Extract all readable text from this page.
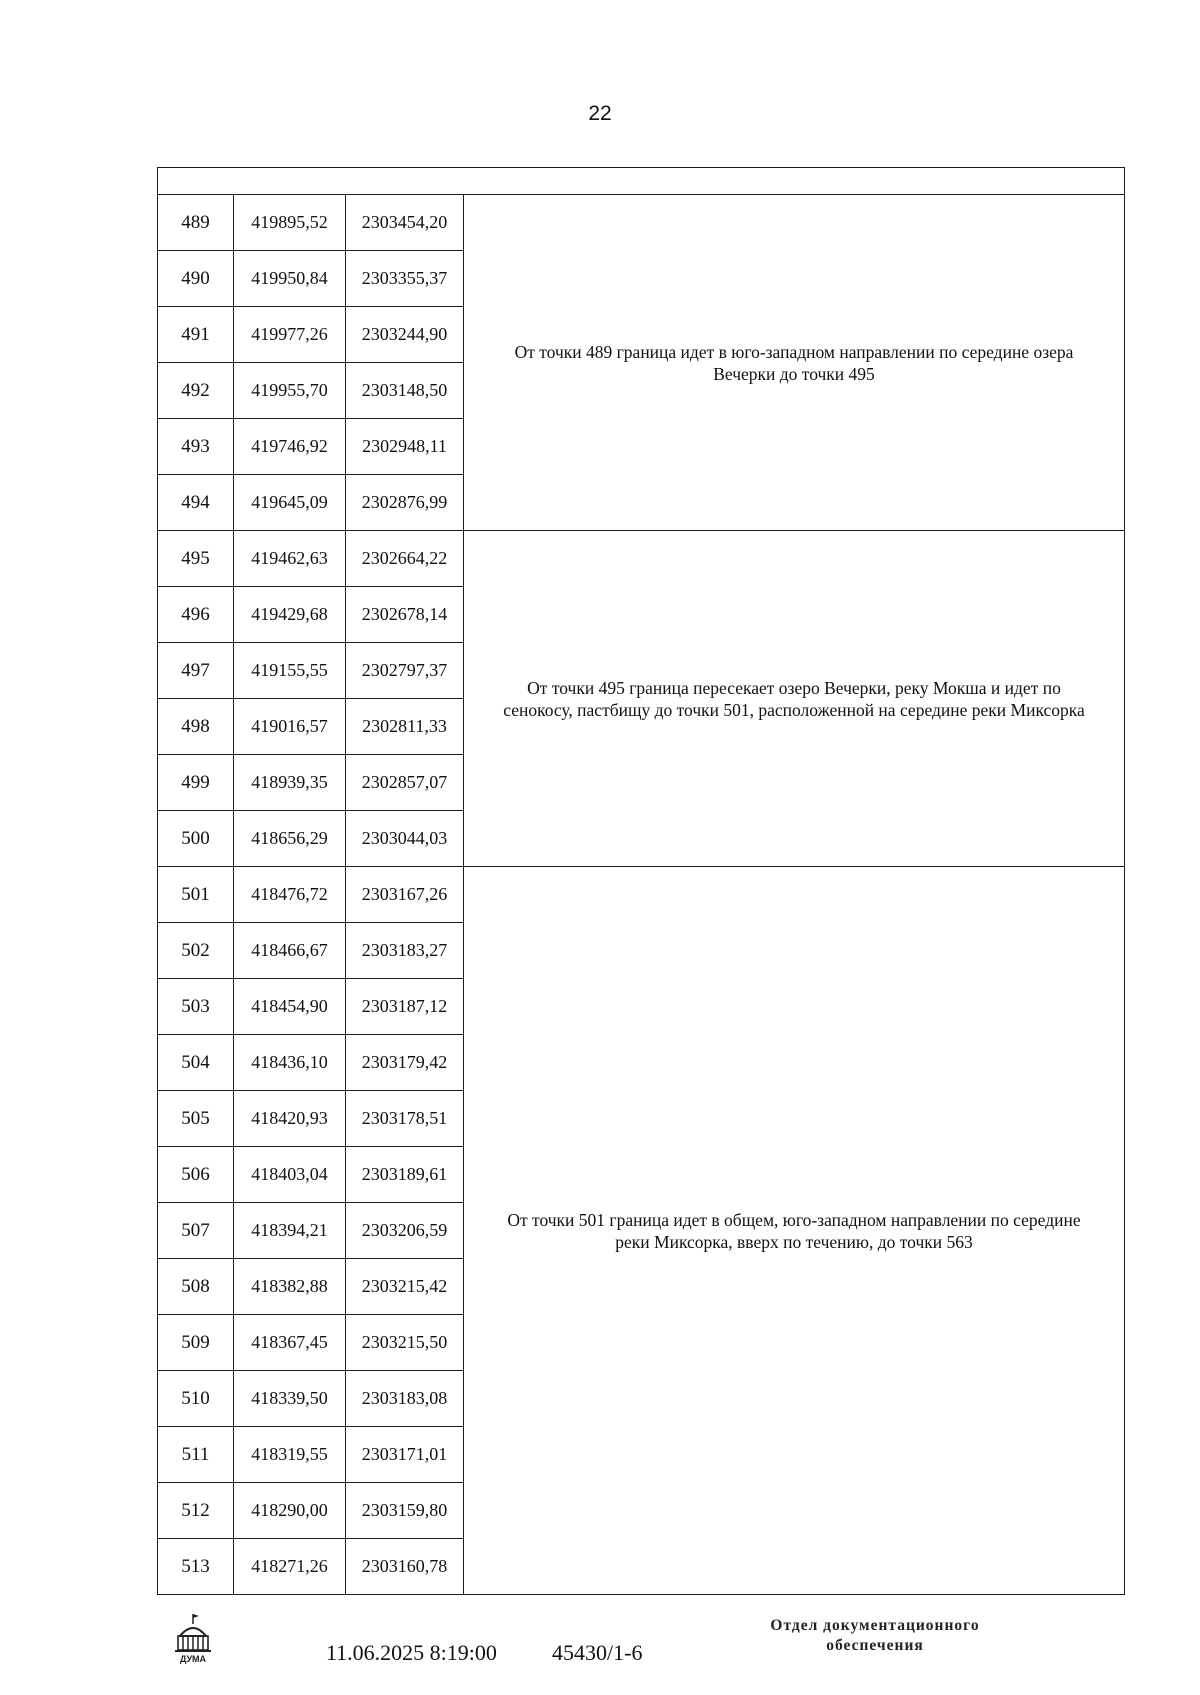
22

489	419895,52	2303454,20	От точки 489 граница идет в юго-западном направлении по середине озера Вечерки до точки 495
490	419950,84	2303355,37	
491	419977,26	2303244,90	
492	419955,70	2303148,50	
493	419746,92	2302948,11	
494	419645,09	2302876,99	
495	419462,63	2302664,22	От точки 495 граница пересекает озеро Вечерки, реку Мокша и идет по сенокосу, пастбищу до точки 501, расположенной на середине реки Миксорка
496	419429,68	2302678,14	
497	419155,55	2302797,37	
498	419016,57	2302811,33	
499	418939,35	2302857,07	
500	418656,29	2303044,03	
501	418476,72	2303167,26	От точки 501 граница идет в общем, юго-западном направлении по середине реки Миксорка, вверх по течению, до точки 563
502	418466,67	2303183,27	
503	418454,90	2303187,12	
504	418436,10	2303179,42	
505	418420,93	2303178,51	
506	418403,04	2303189,61	
507	418394,21	2303206,59	
508	418382,88	2303215,42	
509	418367,45	2303215,50	
510	418339,50	2303183,08	
511	418319,55	2303171,01	
512	418290,00	2303159,80	
513	418271,26	2303160,78	
ДУМА	11.06.2025 8:19:00	45430/1-6
Отдел документационного
обеспечения
